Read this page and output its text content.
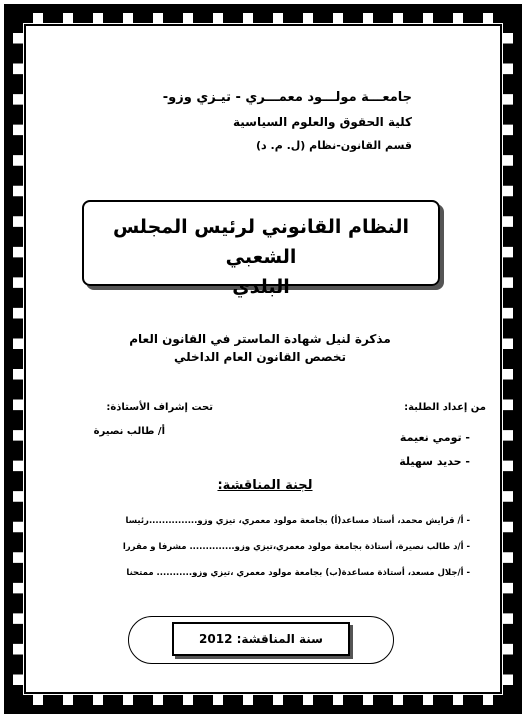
جامعـــة مولـــود معمـــري - تيـزي وزو-
كلية الحقوق والعلوم السياسية
قسم القانون-نظام (ل. م. د)
النظام القانوني لرئيس المجلس الشعبي
البلدي
مذكرة لنيل شهادة الماستر في القانون العام
تخصص القانون العام الداخلي
من إعداد الطلبة:
تحت إشراف الأستاذة:
- تومي نعيمة
- حديد سهيلة
أ/ طالب نصيرة
لجنة المناقشة:
- أ/ قرايش محمد، أستاذ مساعد(أ) بجامعة مولود معمري، تيزي وزو...............رئيسا
- أ/د طالب نصيرة، أستاذة بجامعة مولود معمري،تيزي وزو.............. مشرفا و مقررا
- أ/جلال مسعد، أستاذة مساعدة(ب) بجامعة مولود معمري ،تيزي وزو........... ممتحنا
سنة المناقشة: 2012
